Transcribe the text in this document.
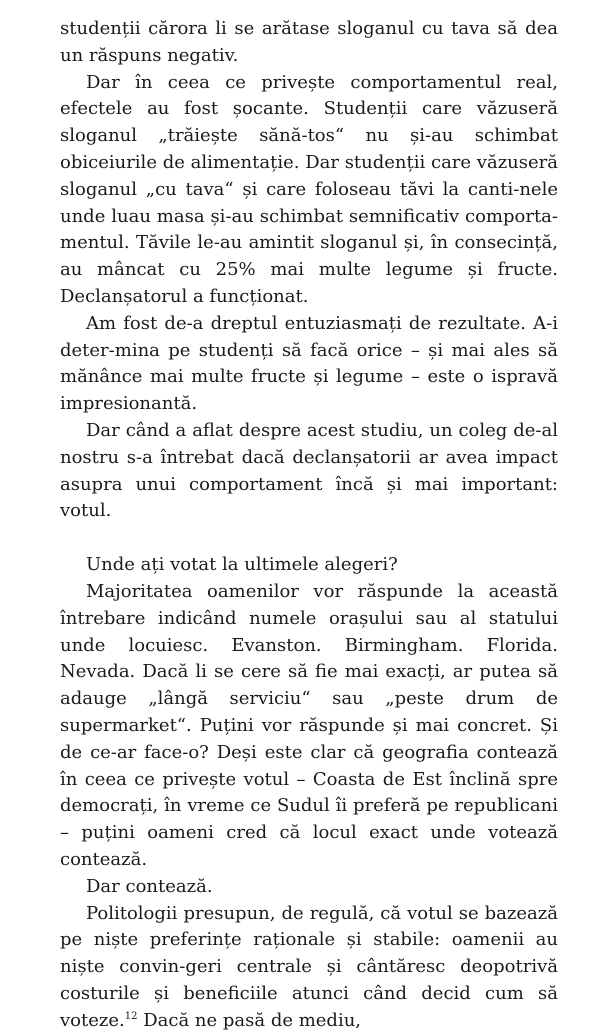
studenții cărora li se arătase sloganul cu tava să dea un răspuns negativ.

Dar în ceea ce privește comportamentul real, efectele au fost șocante. Studenții care văzuseră sloganul „trăiește sănă-tos“ nu și-au schimbat obiceiurile de alimentație. Dar studenții care văzuseră sloganul „cu tava“ și care foloseau tăvi la canti-nele unde luau masa și-au schimbat semnificativ comporta-mentul. Tăvile le-au amintit sloganul și, în consecință, au mâncat cu 25% mai multe legume și fructe. Declanșatorul a funcționat.

Am fost de-a dreptul entuziasmați de rezultate. A-i deter-mina pe studenți să facă orice – și mai ales să mănânce mai multe fructe și legume – este o ispravă impresionantă.

Dar când a aflat despre acest studiu, un coleg de-al nostru s-a întrebat dacă declanșatorii ar avea impact asupra unui comportament încă și mai important: votul.

Unde ați votat la ultimele alegeri?

Majoritatea oamenilor vor răspunde la această întrebare indicând numele orașului sau al statului unde locuiesc. Evanston. Birmingham. Florida. Nevada. Dacă li se cere să fie mai exacți, ar putea să adauge „lângă serviciu“ sau „peste drum de supermarket“. Puțini vor răspunde și mai concret. Și de ce-ar face-o? Deși este clar că geografia contează în ceea ce privește votul – Coasta de Est înclină spre democrați, în vreme ce Sudul îi preferă pe republicani – puțini oameni cred că locul exact unde votează contează.

Dar contează.

Politologii presupun, de regulă, că votul se bazează pe niște preferințe raționale și stabile: oamenii au niște convin-geri centrale și cântăresc deopotrivă costurile și beneficiile atunci când decid cum să voteze.$^{12}$ Dacă ne pasă de mediu,
